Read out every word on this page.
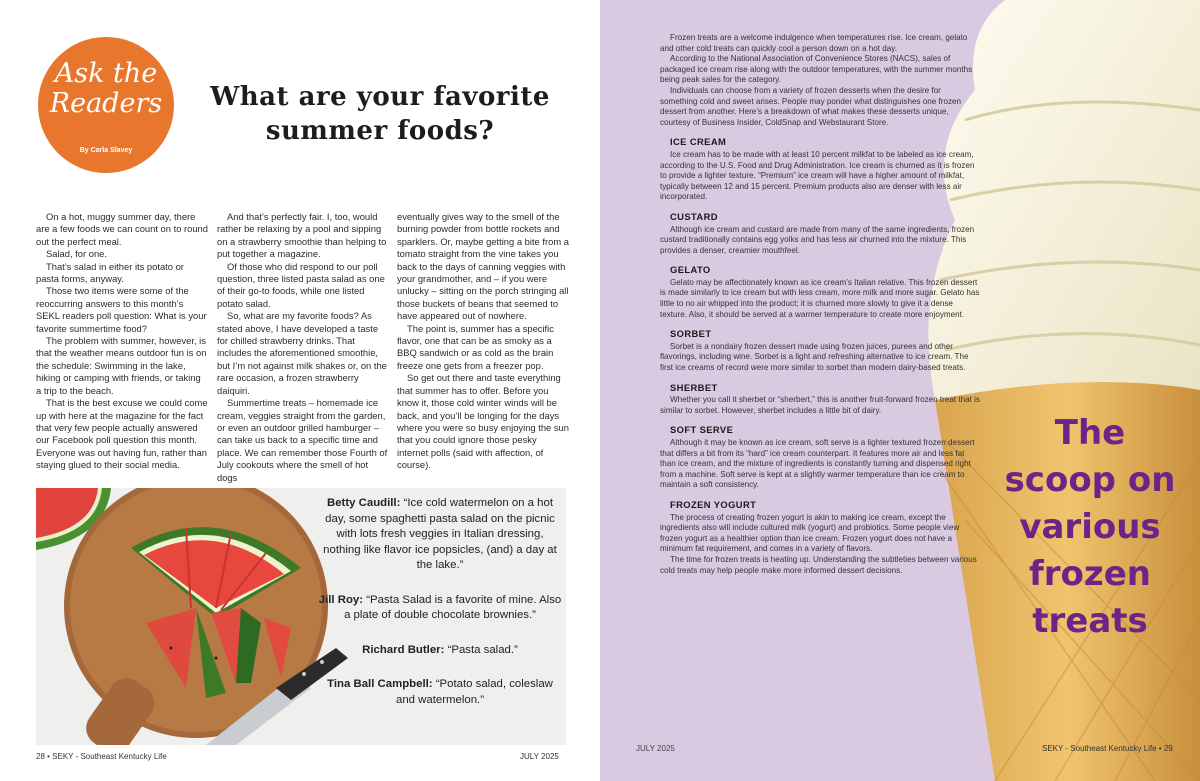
Ask the
Readers
By Carla Slavey
What are your favorite
summer foods?

On a hot, muggy summer day, there are a few foods we can count on to round out the perfect meal.

Salad, for one.

That’s salad in either its potato or pasta forms, anyway.

Those two items were some of the reoccurring answers to this month’s SEKL readers poll question: What is your favorite summertime food?

The problem with summer, however, is that the weather means outdoor fun is on the schedule: Swimming in the lake, hiking or camping with friends, or taking a trip to the beach.

That is the best excuse we could come up with here at the magazine for the fact that very few people actually answered our Facebook poll question this month. Everyone was out having fun, rather than staying glued to their social media.

And that’s perfectly fair. I, too, would rather be relaxing by a pool and sipping on a strawberry smoothie than helping to put together a magazine.

Of those who did respond to our poll question, three listed pasta salad as one of their go-to foods, while one listed potato salad.

So, what are my favorite foods? As stated above, I have developed a taste for chilled strawberry drinks. That includes the aforementioned smoothie, but I’m not against milk shakes or, on the rare occasion, a frozen strawberry daiquiri.

Summertime treats – homemade ice cream, veggies straight from the garden, or even an outdoor grilled hamburger – can take us back to a specific time and place. We can remember those Fourth of July cookouts where the smell of hot dogs

eventually gives way to the smell of the burning powder from bottle rockets and sparklers. Or, maybe getting a bite from a tomato straight from the vine takes you back to the days of canning veggies with your grandmother, and – if you were unlucky – sitting on the porch stringing all those buckets of beans that seemed to have appeared out of nowhere.

The point is, summer has a specific flavor, one that can be as smoky as a BBQ sandwich or as cold as the brain freeze one gets from a freezer pop.

So get out there and taste everything that summer has to offer. Before you know it, those cold winter winds will be back, and you’ll be longing for the days where you were so busy enjoying the sun that you could ignore those pesky internet polls (said with affection, of course).

Betty Caudill: “Ice cold watermelon on a hot day, some spaghetti pasta salad on the picnic with lots fresh veggies in Italian dressing, nothing like flavor ice popsicles, (and) a day at the lake.”
Jill Roy: “Pasta Salad is a favorite of mine. Also a plate of double chocolate brownies.”
Richard Butler: “Pasta salad.”
Tina Ball Campbell: “Potato salad, coleslaw and watermelon.”
28 • SEKY - Southeast Kentucky Life	JULY 2025

Frozen treats are a welcome indulgence when temperatures rise. Ice cream, gelato and other cold treats can quickly cool a person down on a hot day.

According to the National Association of Convenience Stores (NACS), sales of packaged ice cream rise along with the outdoor temperatures, with the summer months being peak sales for the category.

Individuals can choose from a variety of frozen desserts when the desire for something cold and sweet arises. People may ponder what distinguishes one frozen dessert from another. Here’s a breakdown of what makes these desserts unique, courtesy of Business Insider, ColdSnap and Webstaurant Store.

ICE CREAM

Ice cream has to be made with at least 10 percent milkfat to be labeled as ice cream, according to the U.S. Food and Drug Administration. Ice cream is churned as it is frozen to provide a lighter texture. “Premium” ice cream will have a higher amount of milkfat, typically between 12 and 15 percent. Premium products also are denser with less air incorporated.

CUSTARD

Although ice cream and custard are made from many of the same ingredients, frozen custard traditionally contains egg yolks and has less air churned into the mixture. This provides a denser, creamier mouthfeel.

GELATO

Gelato may be affectionately known as ice cream’s Italian relative. This frozen dessert is made similarly to ice cream but with less cream, more milk and more sugar. Gelato has little to no air whipped into the product; it is churned more slowly to give it a dense texture. Also, it should be served at a warmer temperature to create more enjoyment.

SORBET

Sorbet is a nondairy frozen dessert made using frozen juices, purees and other flavorings, including wine. Sorbet is a light and refreshing alternative to ice cream. The first ice creams of record were more similar to sorbet than modern dairy-based treats.

SHERBET

Whether you call it sherbet or “sherbert,” this is another fruit-forward frozen treat that is similar to sorbet. However, sherbet includes a little bit of dairy.

SOFT SERVE

Although it may be known as ice cream, soft serve is a lighter textured frozen dessert that differs a bit from its “hard” ice cream counterpart. It features more air and less fat than ice cream, and the mixture of ingredients is constantly turning and dispensed right from a machine. Soft serve is kept at a slightly warmer temperature than ice cream to maintain a soft consistency.

FROZEN YOGURT

The process of creating frozen yogurt is akin to making ice cream, except the ingredients also will include cultured milk (yogurt) and probiotics. Some people view frozen yogurt as a healthier option than ice cream. Frozen yogurt does not have a minimum fat requirement, and comes in a variety of flavors.

The time for frozen treats is heating up. Understanding the subtleties between various cold treats may help people make more informed dessert decisions.

The
scoop on
various
frozen
treats
JULY 2025	SEKY - Southeast Kentucky Life • 29
